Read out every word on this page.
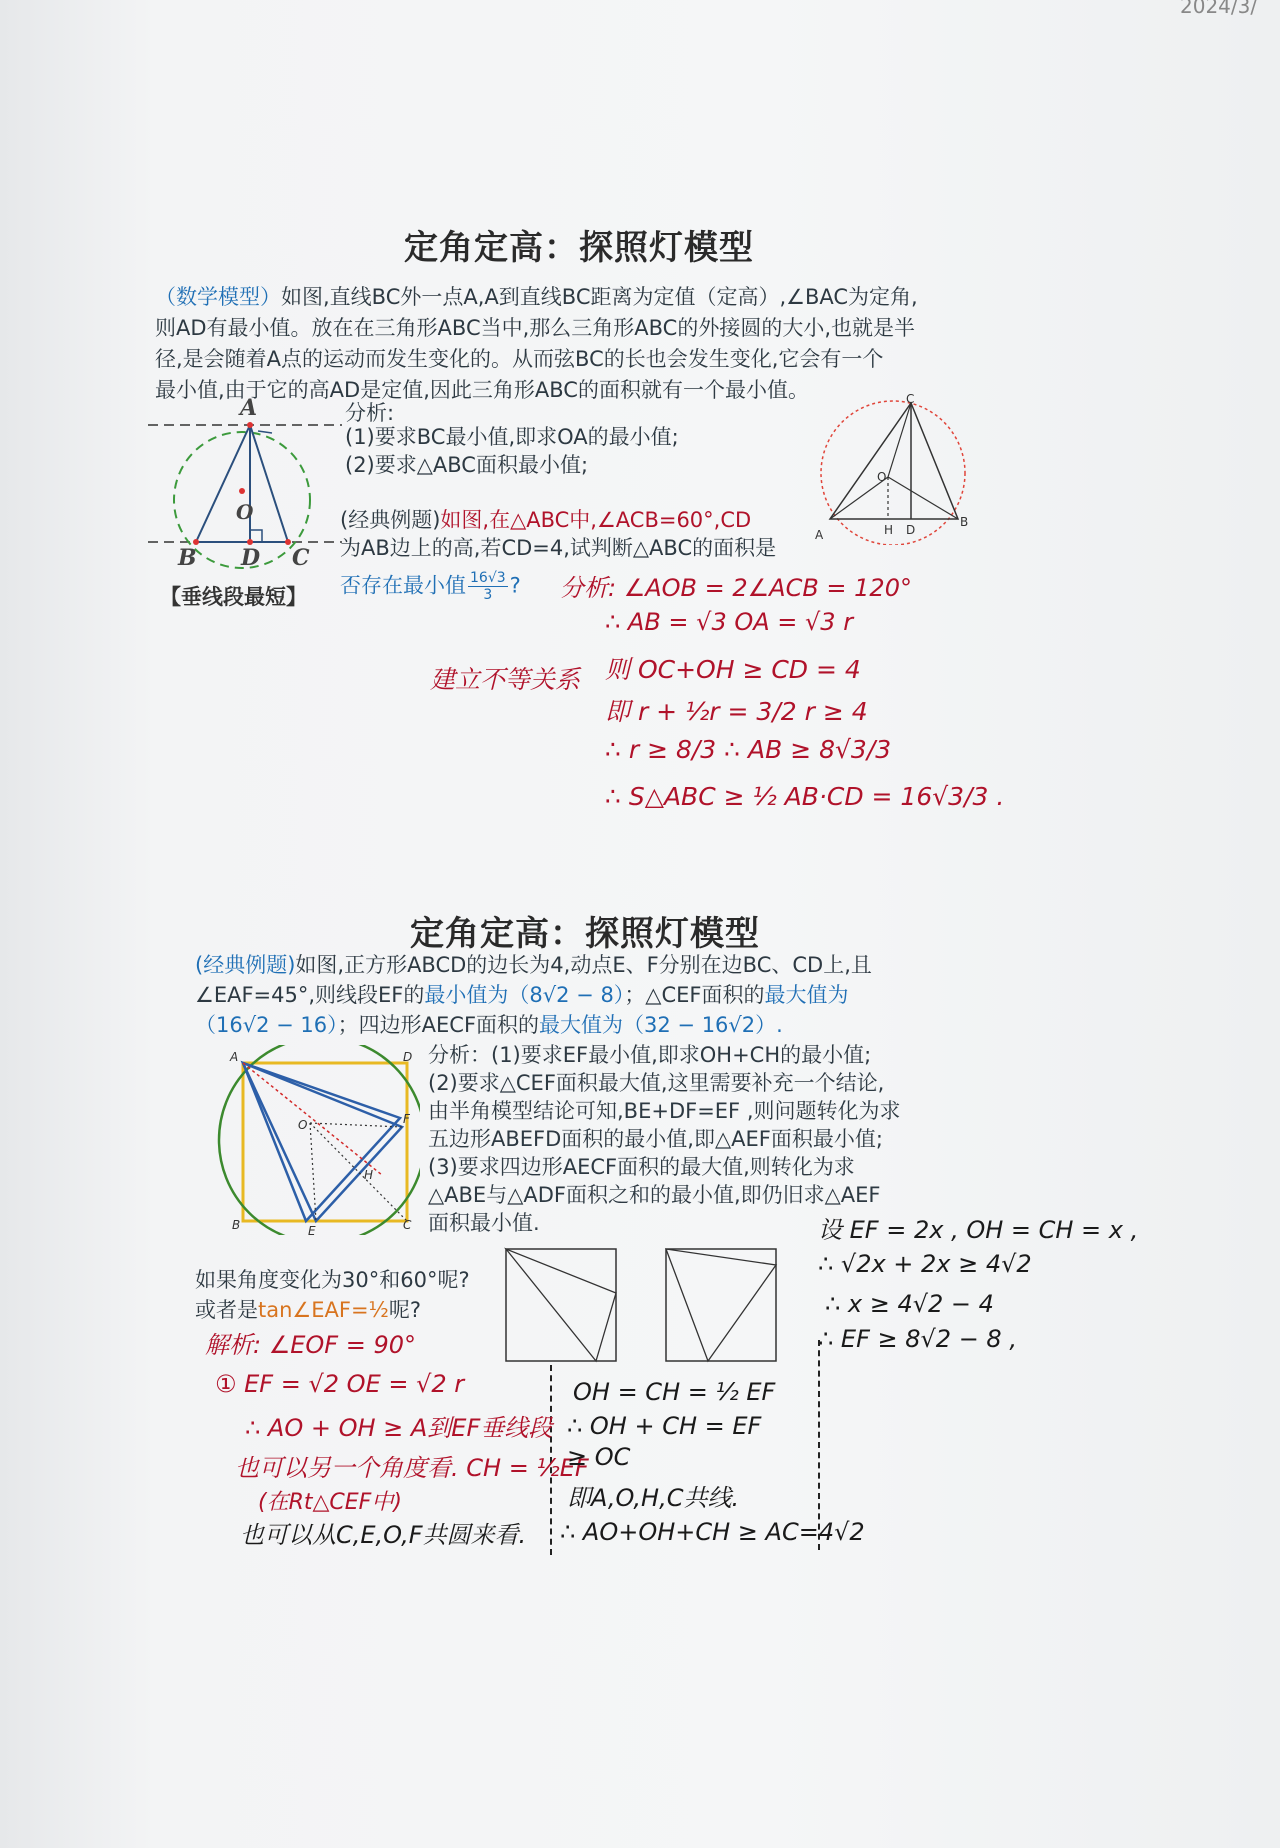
2024/3/
定角定高：探照灯模型
（数学模型）如图,直线BC外一点A,A到直线BC距离为定值（定高）,∠BAC为定角,
则AD有最小值。放在在三角形ABC当中,那么三角形ABC的外接圆的大小,也就是半
径,是会随着A点的运动而发生变化的。从而弦BC的长也会发生变化,它会有一个
最小值,由于它的高AD是定值,因此三角形ABC的面积就有一个最小值。
A
B D C
O
【垂线段最短】
分析:
(1)要求BC最小值,即求OA的最小值;
(2)要求△ABC面积最小值;
C
A
B
O
H D
(经典例题)如图,在△ABC中,∠ACB=60°,CD
为AB边上的高,若CD=4,试判断△ABC的面积是
否存在最小值 $\frac{16√3}{3}$ ? 分析: ∠AOB = 2∠ACB = 120°
∴ AB = √3 OA = √3 r
建立不等关系 则 OC+OH ≥ CD = 4
即 r + ½r = 3/2 r ≥ 4
∴ r ≥ 8/3 ∴ AB ≥ 8√3/3
∴ S△ABC ≥ ½ AB·CD = 16√3/3 .
定角定高：探照灯模型
(经典例题)如图,正方形ABCD的边长为4,动点E、F分别在边BC、CD上,且
∠EAF=45°,则线段EF的最小值为（8√2 − 8）；△CEF面积的最大值为
（16√2 − 16）；四边形AECF面积的最大值为（32 − 16√2）.
A	D
B	C
E
F
O
H
分析：(1)要求EF最小值,即求OH+CH的最小值;
(2)要求△CEF面积最大值,这里需要补充一个结论,
由半角模型结论可知,BE+DF=EF ,则问题转化为求
五边形ABEFD面积的最小值,即△AEF面积最小值;
(3)要求四边形AECF面积的最大值,则转化为求
△ABE与△ADF面积之和的最小值,即仍旧求△AEF
面积最小值.	设 EF = 2x , OH = CH = x ,
∴ √2x + 2x ≥ 4√2
∴ x ≥ 4√2 − 4
∴ EF ≥ 8√2 − 8 ,
如果角度变化为30°和60°呢?
或者是tan∠EAF=½呢?
解析: ∠EOF = 90°
① EF = √2 OE = √2 r
∴ AO + OH ≥ A到EF垂线段
也可以另一个角度看. CH = ½EF
(在Rt△CEF中)
也可以从C,E,O,F共圆来看.
OH = CH = ½ EF
∴ OH + CH = EF
≥ OC
即A,O,H,C共线.
∴ AO+OH+CH ≥ AC=4√2
